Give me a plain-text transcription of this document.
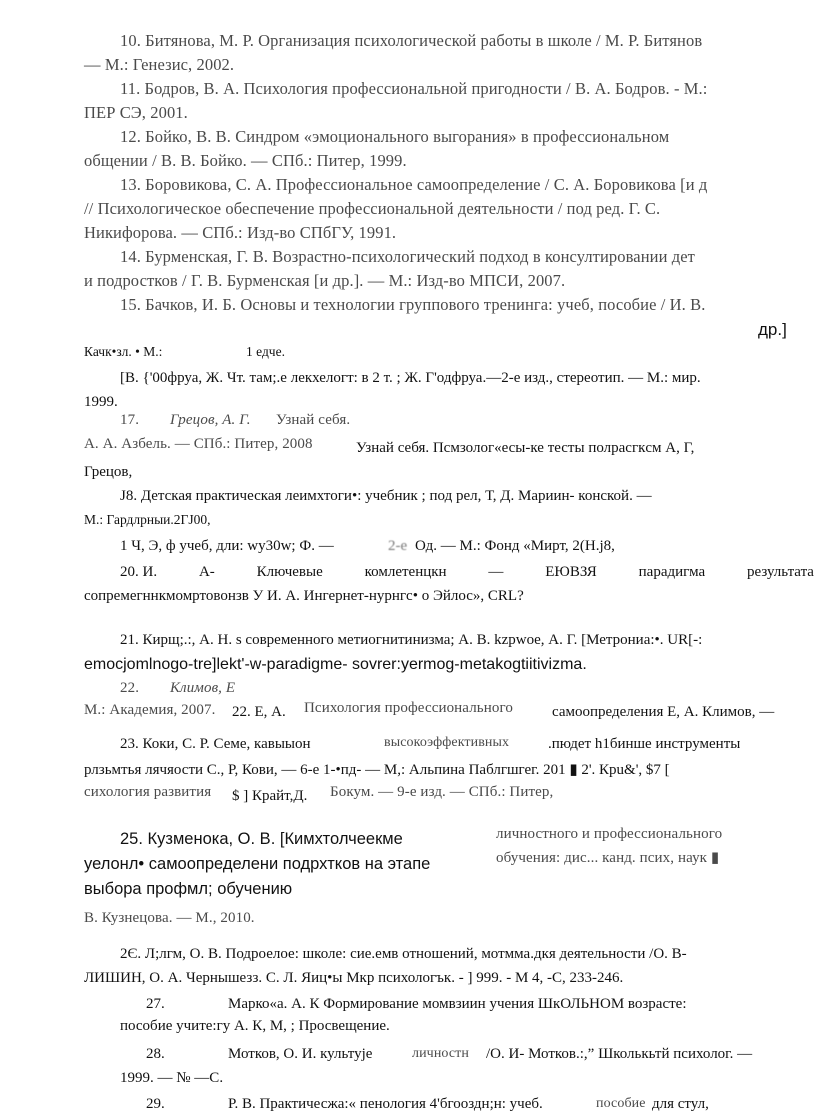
10. Битянова, М. Р. Организация психологической работы в школе / М. Р. Битянов
— М.: Генезис, 2002.
11. Бодров, В. А. Психология профессиональной пригодности / В. А. Бодров. - М.:
ПЕР СЭ, 2001.
12. Бойко, В. В. Синдром «эмоционального выгорания» в профессиональном
общении / В. В. Бойко. — СПб.: Питер, 1999.
13. Боровикова, С. А. Профессиональное самоопределение / С. А. Боровикова [и д
// Психологическое обеспечение профессиональной деятельности / под ред. Г. С.
Никифорова. — СПб.: Изд-во СПбГУ, 1991.
14. Бурменская, Г. В. Возрастно-психологический подход в консултировании дет
и подростков / Г. В. Бурменская [и др.]. — М.: Изд-во МПСИ, 2007.
15. Бачков, И. Б. Основы и технологии группового тренинга: учеб, пособие / И. В.
др.]
Качк•зл. • М.:	1 едче.
[В. {'00фруа, Ж. Чт. там;.е лекхелогт: в 2 т. ; Ж. Г'одфруа.—2-е изд., стереотип. — М.: мир.
1999.
17. Грецов, А. Г. Узнай себя.
А. А. Азбель. — СПб.: Питер, 2008	Узнай себя. Псмзолог«есы-ке тесты полрасгкcм А, Г,
Грецов,
J8. Детская практическая леимхтоги•: учебник ; под рел, Т, Д. Мариин- конской. —
М.: Гардлрныи.2ГJ00,
1 Ч, Э, ф учеб, дли: wy30w; Ф. —	2-е Од. — М.: Фонд «Мирт, 2(Н.j8,
20. И.	А-	Ключевые	комлетенцкн	—	ЕЮВЗЯ	парадигма	результата
сопремегннкмомртовонзв У И. А. Ингернет-нурнгс• о Эйлос», CRL?
21. Кирщ;.:, А. Н. s современного метиогнитинизма; А. В. kzpwoe, А. Г. [Метрониа:•. UR[-:
emocjomlnogo-tre]lekt'-w-paradigme- sovrer:yermog-metakogtiitivizma.
22. Климов, Е
М.: Академия, 2007. 22. Е, А. Психология профессионального	самоопределения Е, А. Климов, —
23. Коки, С. Р. Семе, кавыыон	высокоэффективных	.пюдет h1бинше инструменты
рлзьмтья лячяости С., Р, Кови, — 6-е 1-•пд- — М,: Альпина Паблгшгег. 201 ▮ 2'. Кpu&', $7 [
сихология развития $ ] Крайт,Д. Бокум. — 9-е изд. — СПб.: Питер,
25. Кузменока, О. В. [Кимхтолчеекме
уелонл• самоопределени подрхтков на этапе
выбора профмл; обучению
личностного и профессионального
обучения: дис... канд. псих, наук ▮
В. Кузнецова. — М., 2010.
2Є. Л;лгм, О. В. Подроелое: школе: сие.емв отношений, мотмма.дкя деятельности /О. В-
ЛИШИН, О. А. Чернышезз. С. Л. Яиц•ы Мкр психологък. - ] 999. - М 4, -С, 233-246.
27.	Марко«а. А. К Формирование момвзиин учения ШкОЛЬНОМ возрасте:
пособие учите:гу А. К, М, ; Просвещение.
28.	Мотков, О. И. культуje	личностн /О. И- Мотков.:,” Школькьтй психолог. —
1999. — № —С.
29.	Р. В. Практичесжа:« пенология 4'бгоoздн;н: учеб.	пособие для стул,
